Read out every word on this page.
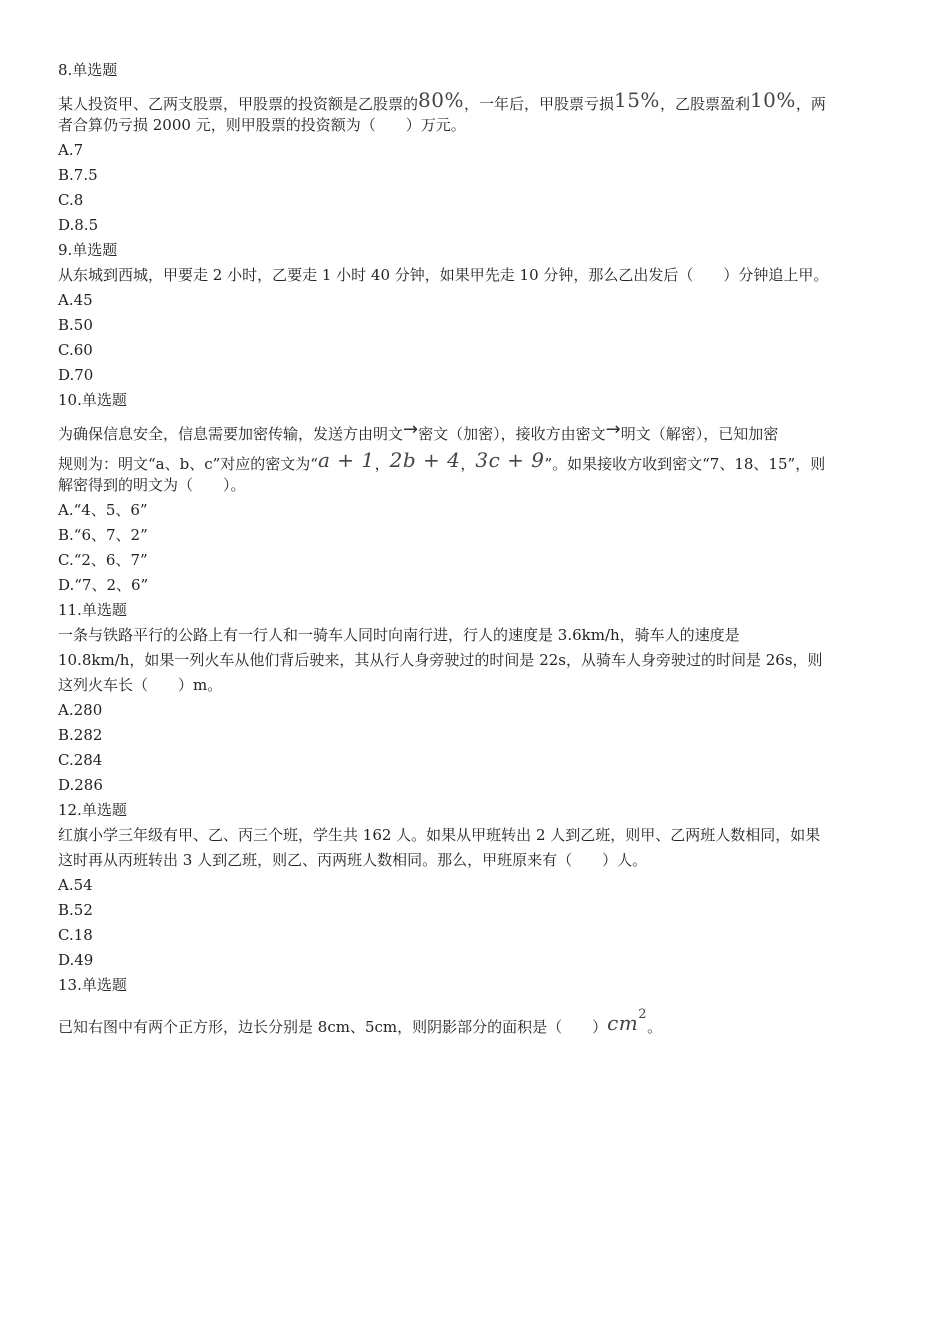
8.单选题
某人投资甲、乙两支股票，甲股票的投资额是乙股票的80%，一年后，甲股票亏损15%，乙股票盈利10%，两
者合算仍亏损 2000 元，则甲股票的投资额为（　　）万元。
A.7
B.7.5
C.8
D.8.5
9.单选题
从东城到西城，甲要走 2 小时，乙要走 1 小时 40 分钟，如果甲先走 10 分钟，那么乙出发后（　　）分钟追上甲。
A.45
B.50
C.60
D.70
10.单选题
为确保信息安全，信息需要加密传输，发送方由明文→密文（加密），接收方由密文→明文（解密），已知加密
规则为：明文“a、b、c”对应的密文为“a + 1，2b + 4，3c + 9”。如果接收方收到密文“7、18、15”，则
解密得到的明文为（　　）。
A.“4、5、6”
B.“6、7、2”
C.“2、6、7”
D.“7、2、6”
11.单选题
一条与铁路平行的公路上有一行人和一骑车人同时向南行进，行人的速度是 3.6km/h，骑车人的速度是
10.8km/h，如果一列火车从他们背后驶来，其从行人身旁驶过的时间是 22s，从骑车人身旁驶过的时间是 26s，则
这列火车长（　　）m。
A.280
B.282
C.284
D.286
12.单选题
红旗小学三年级有甲、乙、丙三个班，学生共 162 人。如果从甲班转出 2 人到乙班，则甲、乙两班人数相同，如果
这时再从丙班转出 3 人到乙班，则乙、丙两班人数相同。那么，甲班原来有（　　）人。
A.54
B.52
C.18
D.49
13.单选题
已知右图中有两个正方形，边长分别是 8cm、5cm，则阴影部分的面积是（　　）$cm^2$。
